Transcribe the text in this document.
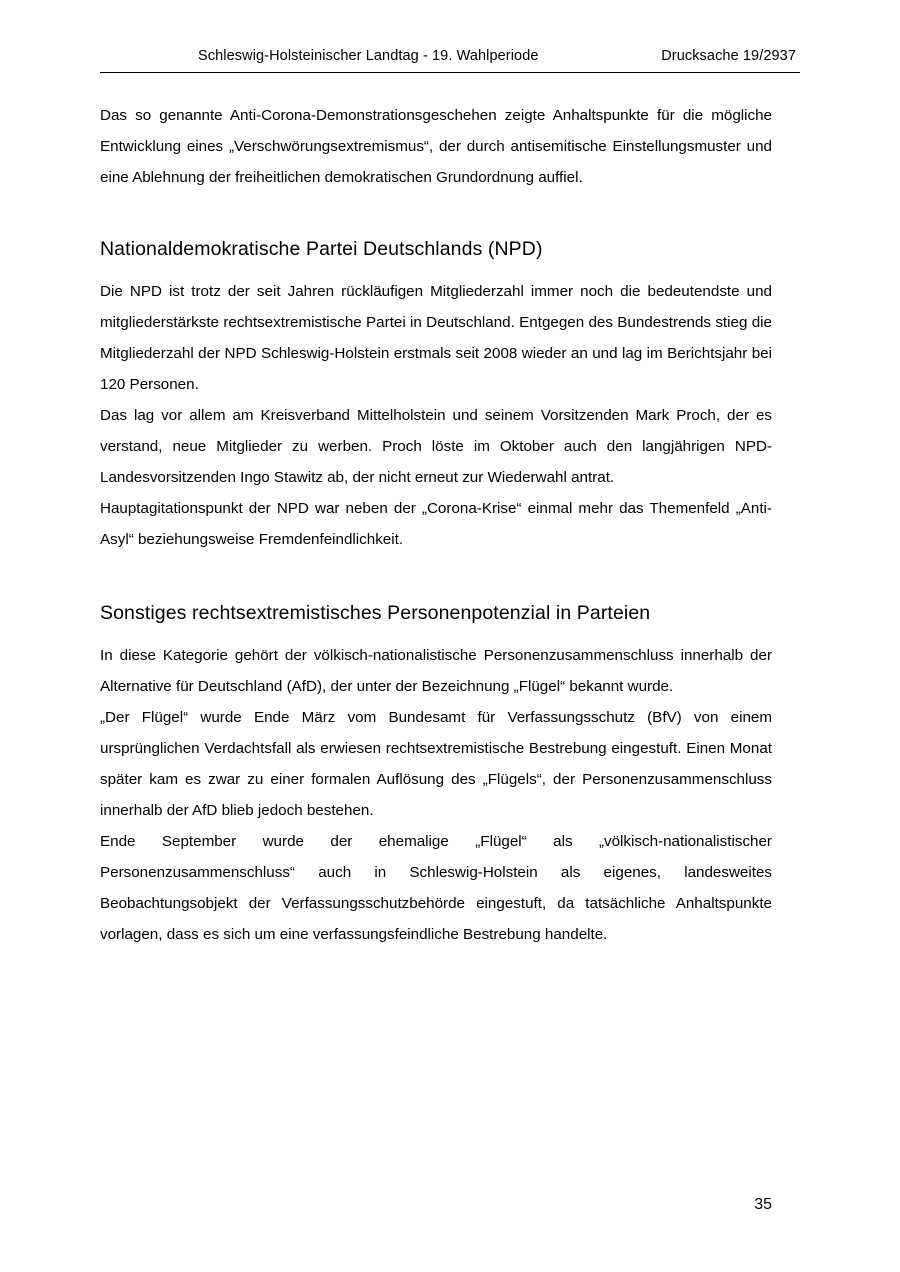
Schleswig-Holsteinischer Landtag - 19. Wahlperiode	Drucksache 19/2937

Das so genannte Anti-Corona-Demonstrationsgeschehen zeigte Anhaltspunkte für die mögliche Entwicklung eines „Verschwörungsextremismus“, der durch antisemitische Einstellungsmuster und eine Ablehnung der freiheitlichen demokratischen Grundordnung auffiel.

Nationaldemokratische Partei Deutschlands (NPD)

Die NPD ist trotz der seit Jahren rückläufigen Mitgliederzahl immer noch die bedeutendste und mitgliederstärkste rechtsextremistische Partei in Deutschland. Entgegen des Bundestrends stieg die Mitgliederzahl der NPD Schleswig-Holstein erstmals seit 2008 wieder an und lag im Berichtsjahr bei 120 Personen.

Das lag vor allem am Kreisverband Mittelholstein und seinem Vorsitzenden Mark Proch, der es verstand, neue Mitglieder zu werben. Proch löste im Oktober auch den langjährigen NPD-Landesvorsitzenden Ingo Stawitz ab, der nicht erneut zur Wiederwahl antrat.

Hauptagitationspunkt der NPD war neben der „Corona-Krise“ einmal mehr das Themenfeld „Anti-Asyl“ beziehungsweise Fremdenfeindlichkeit.

Sonstiges rechtsextremistisches Personenpotenzial in Parteien

In diese Kategorie gehört der völkisch-nationalistische Personenzusammenschluss innerhalb der Alternative für Deutschland (AfD), der unter der Bezeichnung „Flügel“ bekannt wurde.

„Der Flügel“ wurde Ende März vom Bundesamt für Verfassungsschutz (BfV) von einem ursprünglichen Verdachtsfall als erwiesen rechtsextremistische Bestrebung eingestuft. Einen Monat später kam es zwar zu einer formalen Auflösung des „Flügels“, der Personenzusammenschluss innerhalb der AfD blieb jedoch bestehen.

Ende September wurde der ehemalige „Flügel“ als „völkisch-nationalistischer Personenzusammenschluss“ auch in Schleswig-Holstein als eigenes, landesweites Beobachtungsobjekt der Verfassungsschutzbehörde eingestuft, da tatsächliche Anhaltspunkte vorlagen, dass es sich um eine verfassungsfeindliche Bestrebung handelte.

35
